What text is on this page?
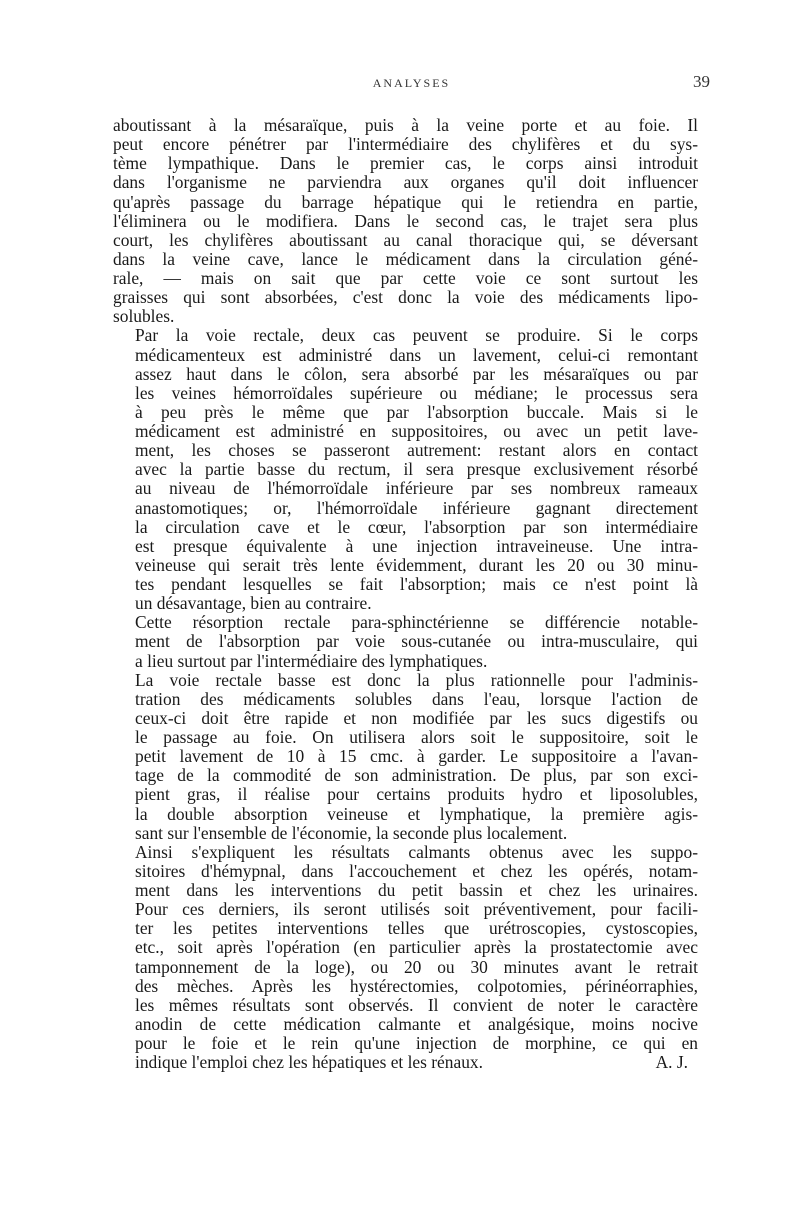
ANALYSES	39
aboutissant à la mésaraïque, puis à la veine porte et au foie. Il
peut encore pénétrer par l'intermédiaire des chylifères et du sys-
tème lympathique. Dans le premier cas, le corps ainsi introduit
dans l'organisme ne parviendra aux organes qu'il doit influencer
qu'après passage du barrage hépatique qui le retiendra en partie,
l'éliminera ou le modifiera. Dans le second cas, le trajet sera plus
court, les chylifères aboutissant au canal thoracique qui, se déversant
dans la veine cave, lance le médicament dans la circulation géné-
rale, — mais on sait que par cette voie ce sont surtout les
graisses qui sont absorbées, c'est donc la voie des médicaments lipo-
solubles.
Par la voie rectale, deux cas peuvent se produire. Si le corps
médicamenteux est administré dans un lavement, celui-ci remontant
assez haut dans le côlon, sera absorbé par les mésaraïques ou par
les veines hémorroïdales supérieure ou médiane; le processus sera
à peu près le même que par l'absorption buccale. Mais si le
médicament est administré en suppositoires, ou avec un petit lave-
ment, les choses se passeront autrement: restant alors en contact
avec la partie basse du rectum, il sera presque exclusivement résorbé
au niveau de l'hémorroïdale inférieure par ses nombreux rameaux
anastomotiques; or, l'hémorroïdale inférieure gagnant directement
la circulation cave et le cœur, l'absorption par son intermédiaire
est presque équivalente à une injection intraveineuse. Une intra-
veineuse qui serait très lente évidemment, durant les 20 ou 30 minu-
tes pendant lesquelles se fait l'absorption; mais ce n'est point là
un désavantage, bien au contraire.
Cette résorption rectale para-sphinctérienne se différencie notable-
ment de l'absorption par voie sous-cutanée ou intra-musculaire, qui
a lieu surtout par l'intermédiaire des lymphatiques.
La voie rectale basse est donc la plus rationnelle pour l'adminis-
tration des médicaments solubles dans l'eau, lorsque l'action de
ceux-ci doit être rapide et non modifiée par les sucs digestifs ou
le passage au foie. On utilisera alors soit le suppositoire, soit le
petit lavement de 10 à 15 cmc. à garder. Le suppositoire a l'avan-
tage de la commodité de son administration. De plus, par son exci-
pient gras, il réalise pour certains produits hydro et liposolubles,
la double absorption veineuse et lymphatique, la première agis-
sant sur l'ensemble de l'économie, la seconde plus localement.
Ainsi s'expliquent les résultats calmants obtenus avec les suppo-
sitoires d'hémypnal, dans l'accouchement et chez les opérés, notam-
ment dans les interventions du petit bassin et chez les urinaires.
Pour ces derniers, ils seront utilisés soit préventivement, pour facili-
ter les petites interventions telles que urétroscopies, cystoscopies,
etc., soit après l'opération (en particulier après la prostatectomie avec
tamponnement de la loge), ou 20 ou 30 minutes avant le retrait
des mèches. Après les hystérectomies, colpotomies, périnéorraphies,
les mêmes résultats sont observés. Il convient de noter le caractère
anodin de cette médication calmante et analgésique, moins nocive
pour le foie et le rein qu'une injection de morphine, ce qui en
indique l'emploi chez les hépatiques et les rénaux.	A. J.
